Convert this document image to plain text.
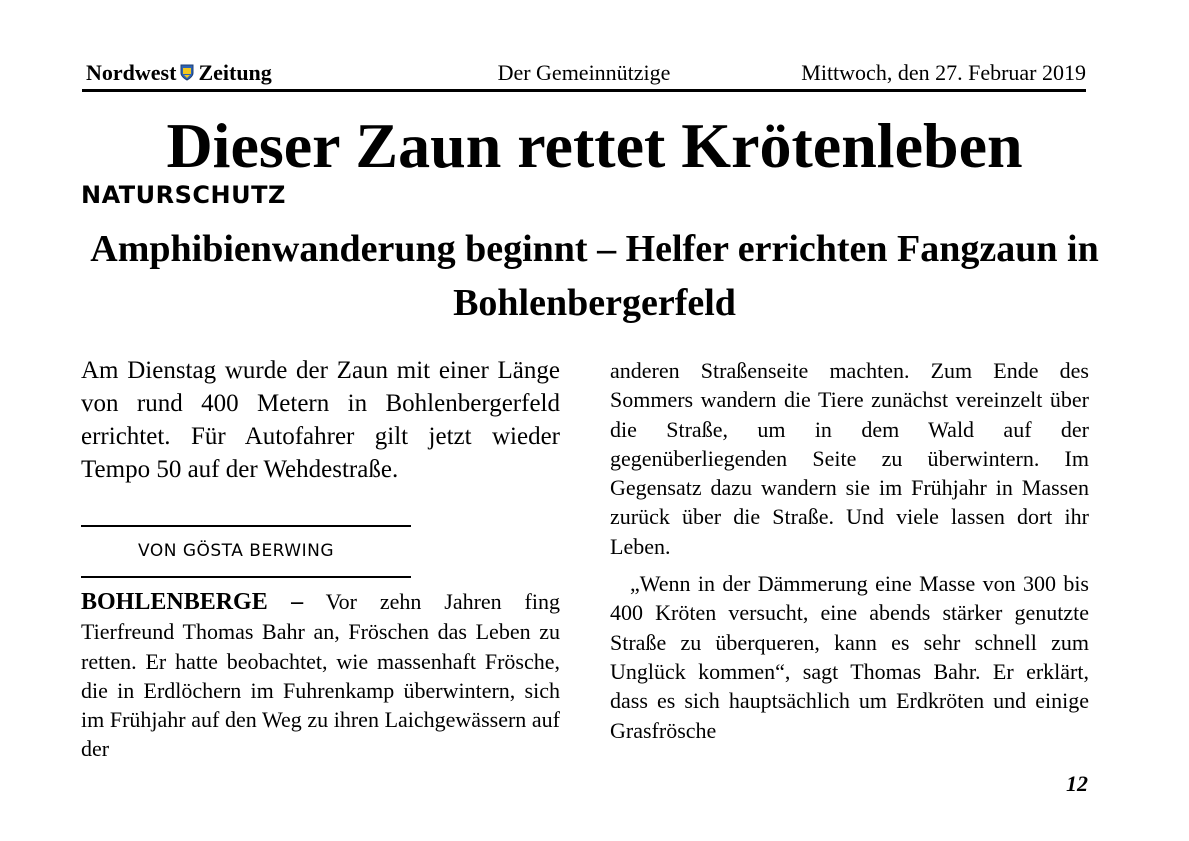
Der Gemeinnützige
Nordwest Zeitung	Mittwoch, den 27. Februar 2019
Dieser Zaun rettet Krötenleben
NATURSCHUTZ
Amphibienwanderung beginnt – Helfer errichten Fangzaun in Bohlenbergerfeld
Am Dienstag wurde der Zaun mit einer Länge von rund 400 Metern in Bohlenbergerfeld errichtet. Für Autofahrer gilt jetzt wieder Tempo 50 auf der Wehdestraße.
VON GÖSTA BERWING
BOHLENBERGE – Vor zehn Jahren fing Tierfreund Thomas Bahr an, Fröschen das Leben zu retten. Er hatte beobachtet, wie massenhaft Frösche, die in Erdlöchern im Fuhrenkamp überwintern, sich im Frühjahr auf den Weg zu ihren Laichgewässern auf der

anderen Straßenseite machten. Zum Ende des Sommers wandern die Tiere zunächst vereinzelt über die Straße, um in dem Wald auf der gegenüberliegenden Seite zu überwintern. Im Gegensatz dazu wandern sie im Frühjahr in Massen zurück über die Straße. Und viele lassen dort ihr Leben.

„Wenn in der Dämmerung eine Masse von 300 bis 400 Kröten versucht, eine abends stärker genutzte Straße zu überqueren, kann es sehr schnell zum Unglück kommen“, sagt Thomas Bahr. Er erklärt, dass es sich hauptsächlich um Erdkröten und einige Grasfrösche

12
